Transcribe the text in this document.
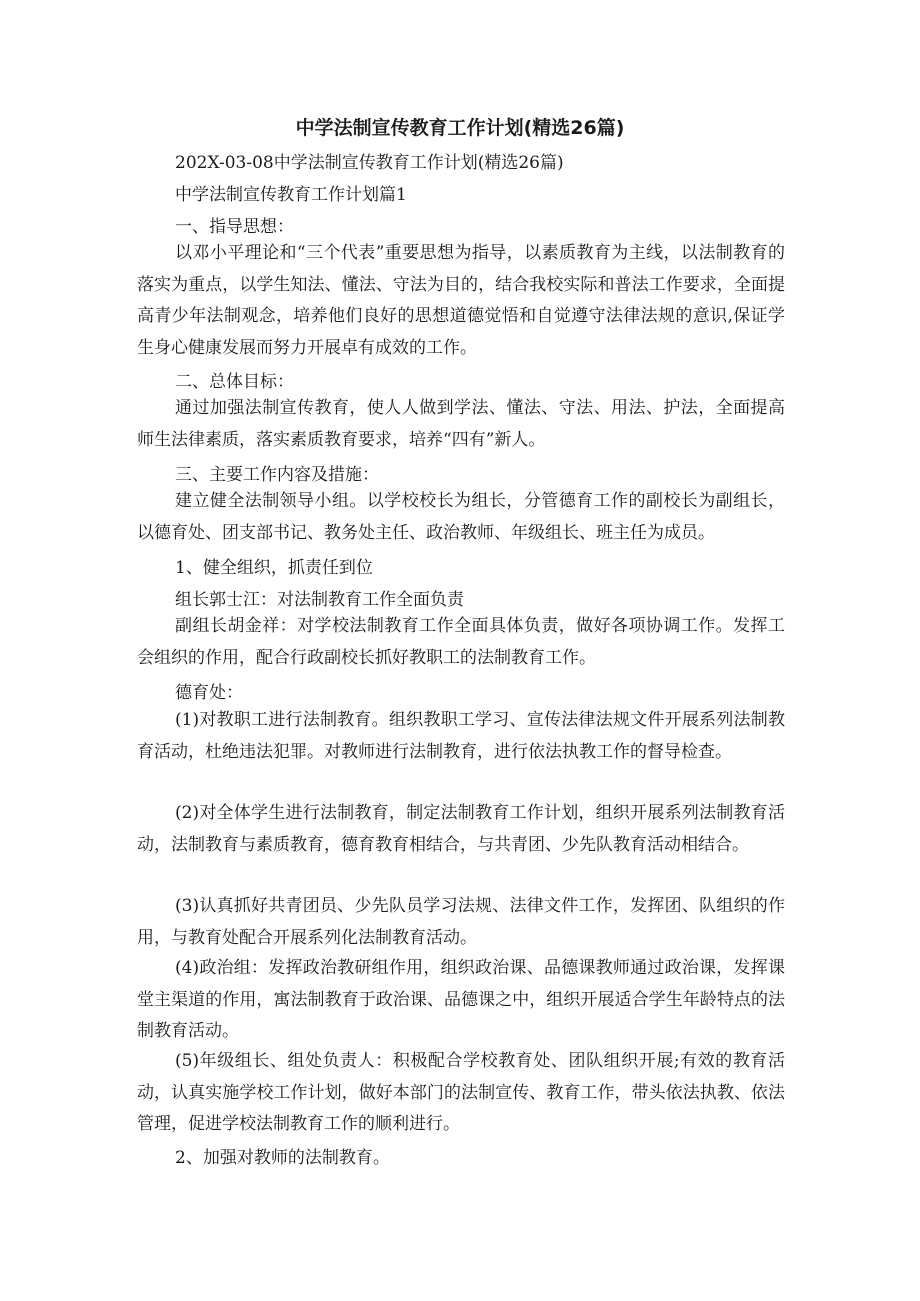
中学法制宣传教育工作计划(精选26篇)
202X-03-08中学法制宣传教育工作计划(精选26篇)
中学法制宣传教育工作计划篇1
一、指导思想：

以邓小平理论和“三个代表”重要思想为指导，以素质教育为主线，以法制教育的落实为重点，以学生知法、懂法、守法为目的，结合我校实际和普法工作要求，全面提高青少年法制观念，培养他们良好的思想道德觉悟和自觉遵守法律法规的意识,保证学生身心健康发展而努力开展卓有成效的工作。

二、总体目标：

通过加强法制宣传教育，使人人做到学法、懂法、守法、用法、护法，全面提高师生法律素质，落实素质教育要求，培养“四有”新人。

三、主要工作内容及措施：

建立健全法制领导小组。以学校校长为组长，分管德育工作的副校长为副组长，以德育处、团支部书记、教务处主任、政治教师、年级组长、班主任为成员。

1、健全组织，抓责任到位
组长郭士江：对法制教育工作全面负责

副组长胡金祥：对学校法制教育工作全面具体负责，做好各项协调工作。发挥工会组织的作用，配合行政副校长抓好教职工的法制教育工作。

德育处：

(1)对教职工进行法制教育。组织教职工学习、宣传法律法规文件开展系列法制教育活动，杜绝违法犯罪。对教师进行法制教育，进行依法执教工作的督导检查。

(2)对全体学生进行法制教育，制定法制教育工作计划，组织开展系列法制教育活动，法制教育与素质教育，德育教育相结合，与共青团、少先队教育活动相结合。

(3)认真抓好共青团员、少先队员学习法规、法律文件工作，发挥团、队组织的作用，与教育处配合开展系列化法制教育活动。

(4)政治组：发挥政治教研组作用，组织政治课、品德课教师通过政治课，发挥课堂主渠道的作用，寓法制教育于政治课、品德课之中，组织开展适合学生年龄特点的法制教育活动。

(5)年级组长、组处负责人：积极配合学校教育处、团队组织开展;有效的教育活动，认真实施学校工作计划，做好本部门的法制宣传、教育工作，带头依法执教、依法管理，促进学校法制教育工作的顺利进行。

2、加强对教师的法制教育。
